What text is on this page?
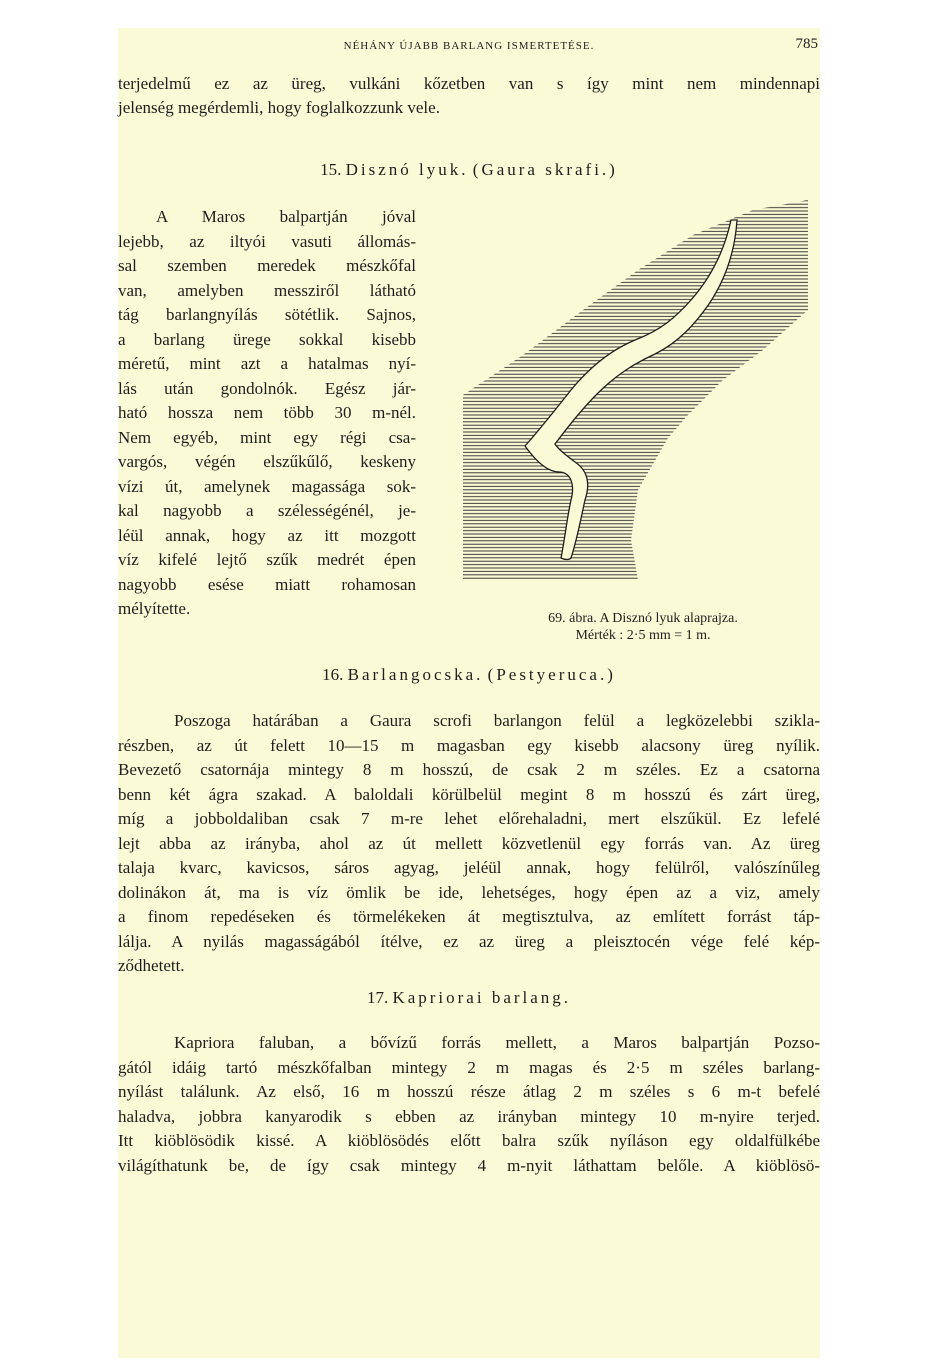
NÉHÁNY ÚJABB BARLANG ISMERTETÉSE.	785

terjedelmű ez az üreg, vulkáni kőzetben van s így mint nem mindennapi

jelenség megérdemli, hogy foglalkozzunk vele.

15. Disznó lyuk. (Gaura skrafi.)

A Maros balpartján jóval

lejebb, az iltyói vasuti állomás-

sal szemben meredek mészkőfal

van, amelyben messziről látható

tág barlangnyílás sötétlik. Sajnos,

a barlang ürege sokkal kisebb

méretű, mint azt a hatalmas nyí-

lás után gondolnók. Egész jár-

ható hossza nem több 30 m-nél.

Nem egyéb, mint egy régi csa-

vargós, végén elszűkűlő, keskeny

vízi út, amelynek magassága sok-

kal nagyobb a szélességénél, je-

léül annak, hogy az itt mozgott

víz kifelé lejtő szűk medrét épen

nagyobb esése miatt rohamosan

mélyítette.

69. ábra. A Disznó lyuk alaprajza.

Mérték : 2·5 mm = 1 m.

16. Barlangocska. (Pestyeruca.)

Poszoga határában a Gaura scrofi barlangon felül a legközelebbi szikla-

részben, az út felett 10—15 m magasban egy kisebb alacsony üreg nyílik.

Bevezető csatornája mintegy 8 m hosszú, de csak 2 m széles. Ez a csatorna

benn két ágra szakad. A baloldali körülbelül megint 8 m hosszú és zárt üreg,

míg a jobboldaliban csak 7 m-re lehet előrehaladni, mert elszűkül. Ez lefelé

lejt abba az irányba, ahol az út mellett közvetlenül egy forrás van. Az üreg

talaja kvarc, kavicsos, sáros agyag, jeléül annak, hogy felülről, valószínűleg

dolinákon át, ma is víz ömlik be ide, lehetséges, hogy épen az a viz, amely

a finom repedéseken és törmelékeken át megtisztulva, az említett forrást táp-

lálja. A nyilás magasságából ítélve, ez az üreg a pleisztocén vége felé kép-

ződhetett.

17. Kapriorai barlang.

Kapriora faluban, a bővízű forrás mellett, a Maros balpartján Pozso-

gától idáig tartó mészkőfalban mintegy 2 m magas és 2·5 m széles barlang-

nyílást találunk. Az első, 16 m hosszú része átlag 2 m széles s 6 m-t befelé

haladva, jobbra kanyarodik s ebben az irányban mintegy 10 m-nyire terjed.

Itt kiöblösödik kissé. A kiöblösödés előtt balra szűk nyíláson egy oldalfülkébe

világíthatunk be, de így csak mintegy 4 m-nyit láthattam belőle. A kiöblösö-
